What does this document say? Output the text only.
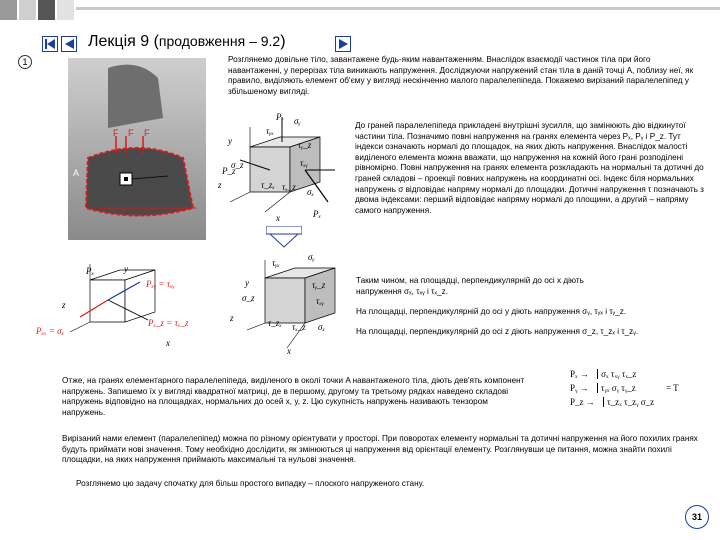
Лекція 9 (продовження – 9.2)
1	Розглянемо довільне тіло, завантажене будь-яким навантаженням. Внаслідок взаємодії частинок тіла при його навантаженні, у перерізах тіла виникають напруження. Досліджуючи напружений стан тіла в даній точці А, поблизу неї, як правило, виділяють елемент об'єму у вигляді нескінченно малого паралелепіпеда. Покажемо вирізаний паралелепіпед у збільшеному вигляді.
F F F
A
Pᵧ σᵧ
τᵧₓ
τᵧ_z
y
σ_z
P_z
τₓᵧ
z	τ_zₓ τₓ_z σₓ
x	Pₓ
Pₓ	y
Pₓᵧ = τₓᵧ
z
Pₓ_z = τₓ_z
Pₓₓ = σₓ
x
τᵧₓ
σᵧ
y	τᵧ_z
σ_z	τₓᵧ
z	τ_zₓ τₓ_z σₓ
x
До граней паралелепіпеда прикладені внутрішні зусилля, що замінюють дію відкинутої частини тіла. Позначимо повні напруження на гранях елемента через Pₓ, Pᵧ і P_z. Тут індекси означають нормалі до площадок, на яких діють напруження. Внаслідок малості виділеного елемента можна вважати, що напруження на кожній його грані розподілені рівномірно. Повні напруження на гранях елемента розкладають на нормальні та дотичні до граней складові – проекції повних напружень на координатні осі. Індекс біля нормальних напружень σ відповідає напряму нормалі до площадки. Дотичні напруження τ позначають з двома індексами: перший відповідає напряму нормалі до площини, а другий – напряму самого напруження.
Таким чином, на площадці, перпендикулярній до осі x діють напруження σₓ, τₓᵧ і τₓ_z.
На площадці, перпендикулярній до осі y діють напруження σᵧ, τᵧₓ і τᵧ_z.
На площадці, перпендикулярній до осі z діють напруження σ_z, τ_zₓ і τ_zᵧ.
Отже, на гранях елементарного паралелепіпеда, виділеного в околі точки A навантаженого тіла, діють дев'ять компонент напружень. Запишемо їх у вигляді квадратної матриці, де в першому, другому та третьому рядках наведено складові напружень відповідно на площадках, нормальних до осей x, y, z. Цю сукупність напружень називають тензором напружень.
Pₓ → σₓ τₓᵧ τₓ_z
Pᵧ → τᵧₓ σᵧ τᵧ_z
P_z → τ_zₓ τ_zᵧ σ_z
= T
Вирізаний нами елемент (паралелепіпед) можна по різному орієнтувати у просторі. При поворотах елементу нормальні та дотичні напруження на його похилих гранях будуть приймати нові значення. Тому необхідно дослідити, як змінюються ці напруження від орієнтації елементу. Розглянувши це питання, можна знайти похилі площадки, на яких напруження приймають максимальні та нульові значення.
Розглянемо цю задачу спочатку для більш простого випадку – плоского напруженого стану.
31
